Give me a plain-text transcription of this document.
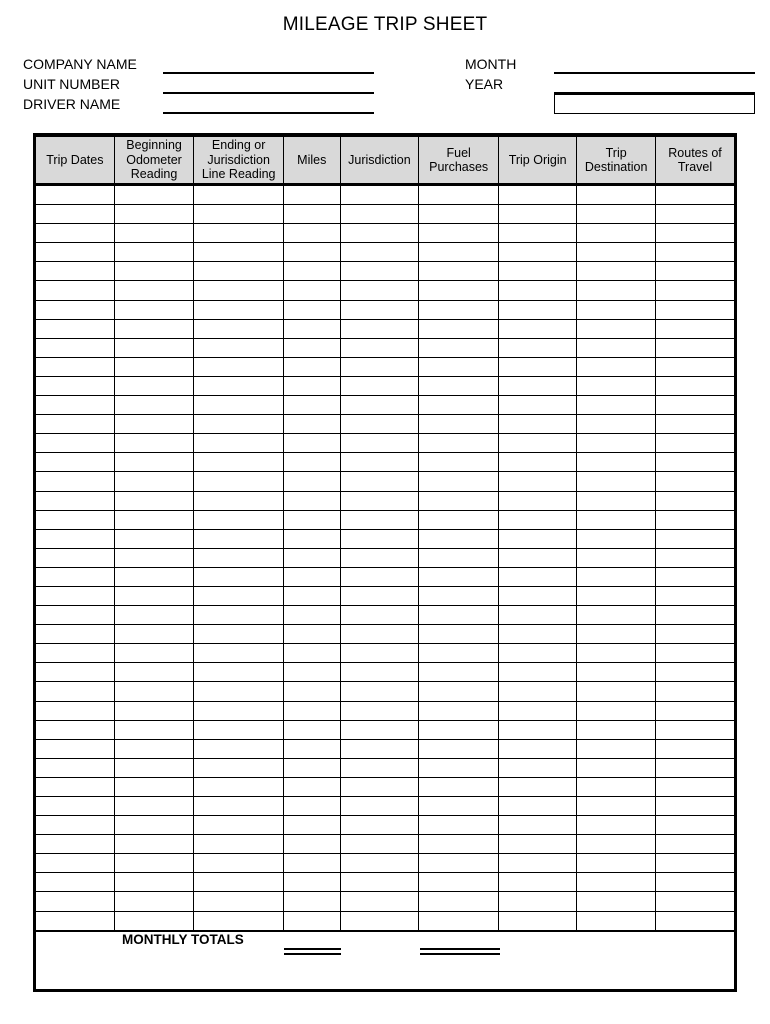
MILEAGE TRIP SHEET
COMPANY NAME
UNIT NUMBER
DRIVER NAME
MONTH
YEAR
Trip Dates	Beginning Odometer Reading	Ending or Jurisdiction Line Reading	Miles	Jurisdiction	Fuel Purchases	Trip Origin	Trip Destination	Routes of Travel

MONTHLY TOTALS
